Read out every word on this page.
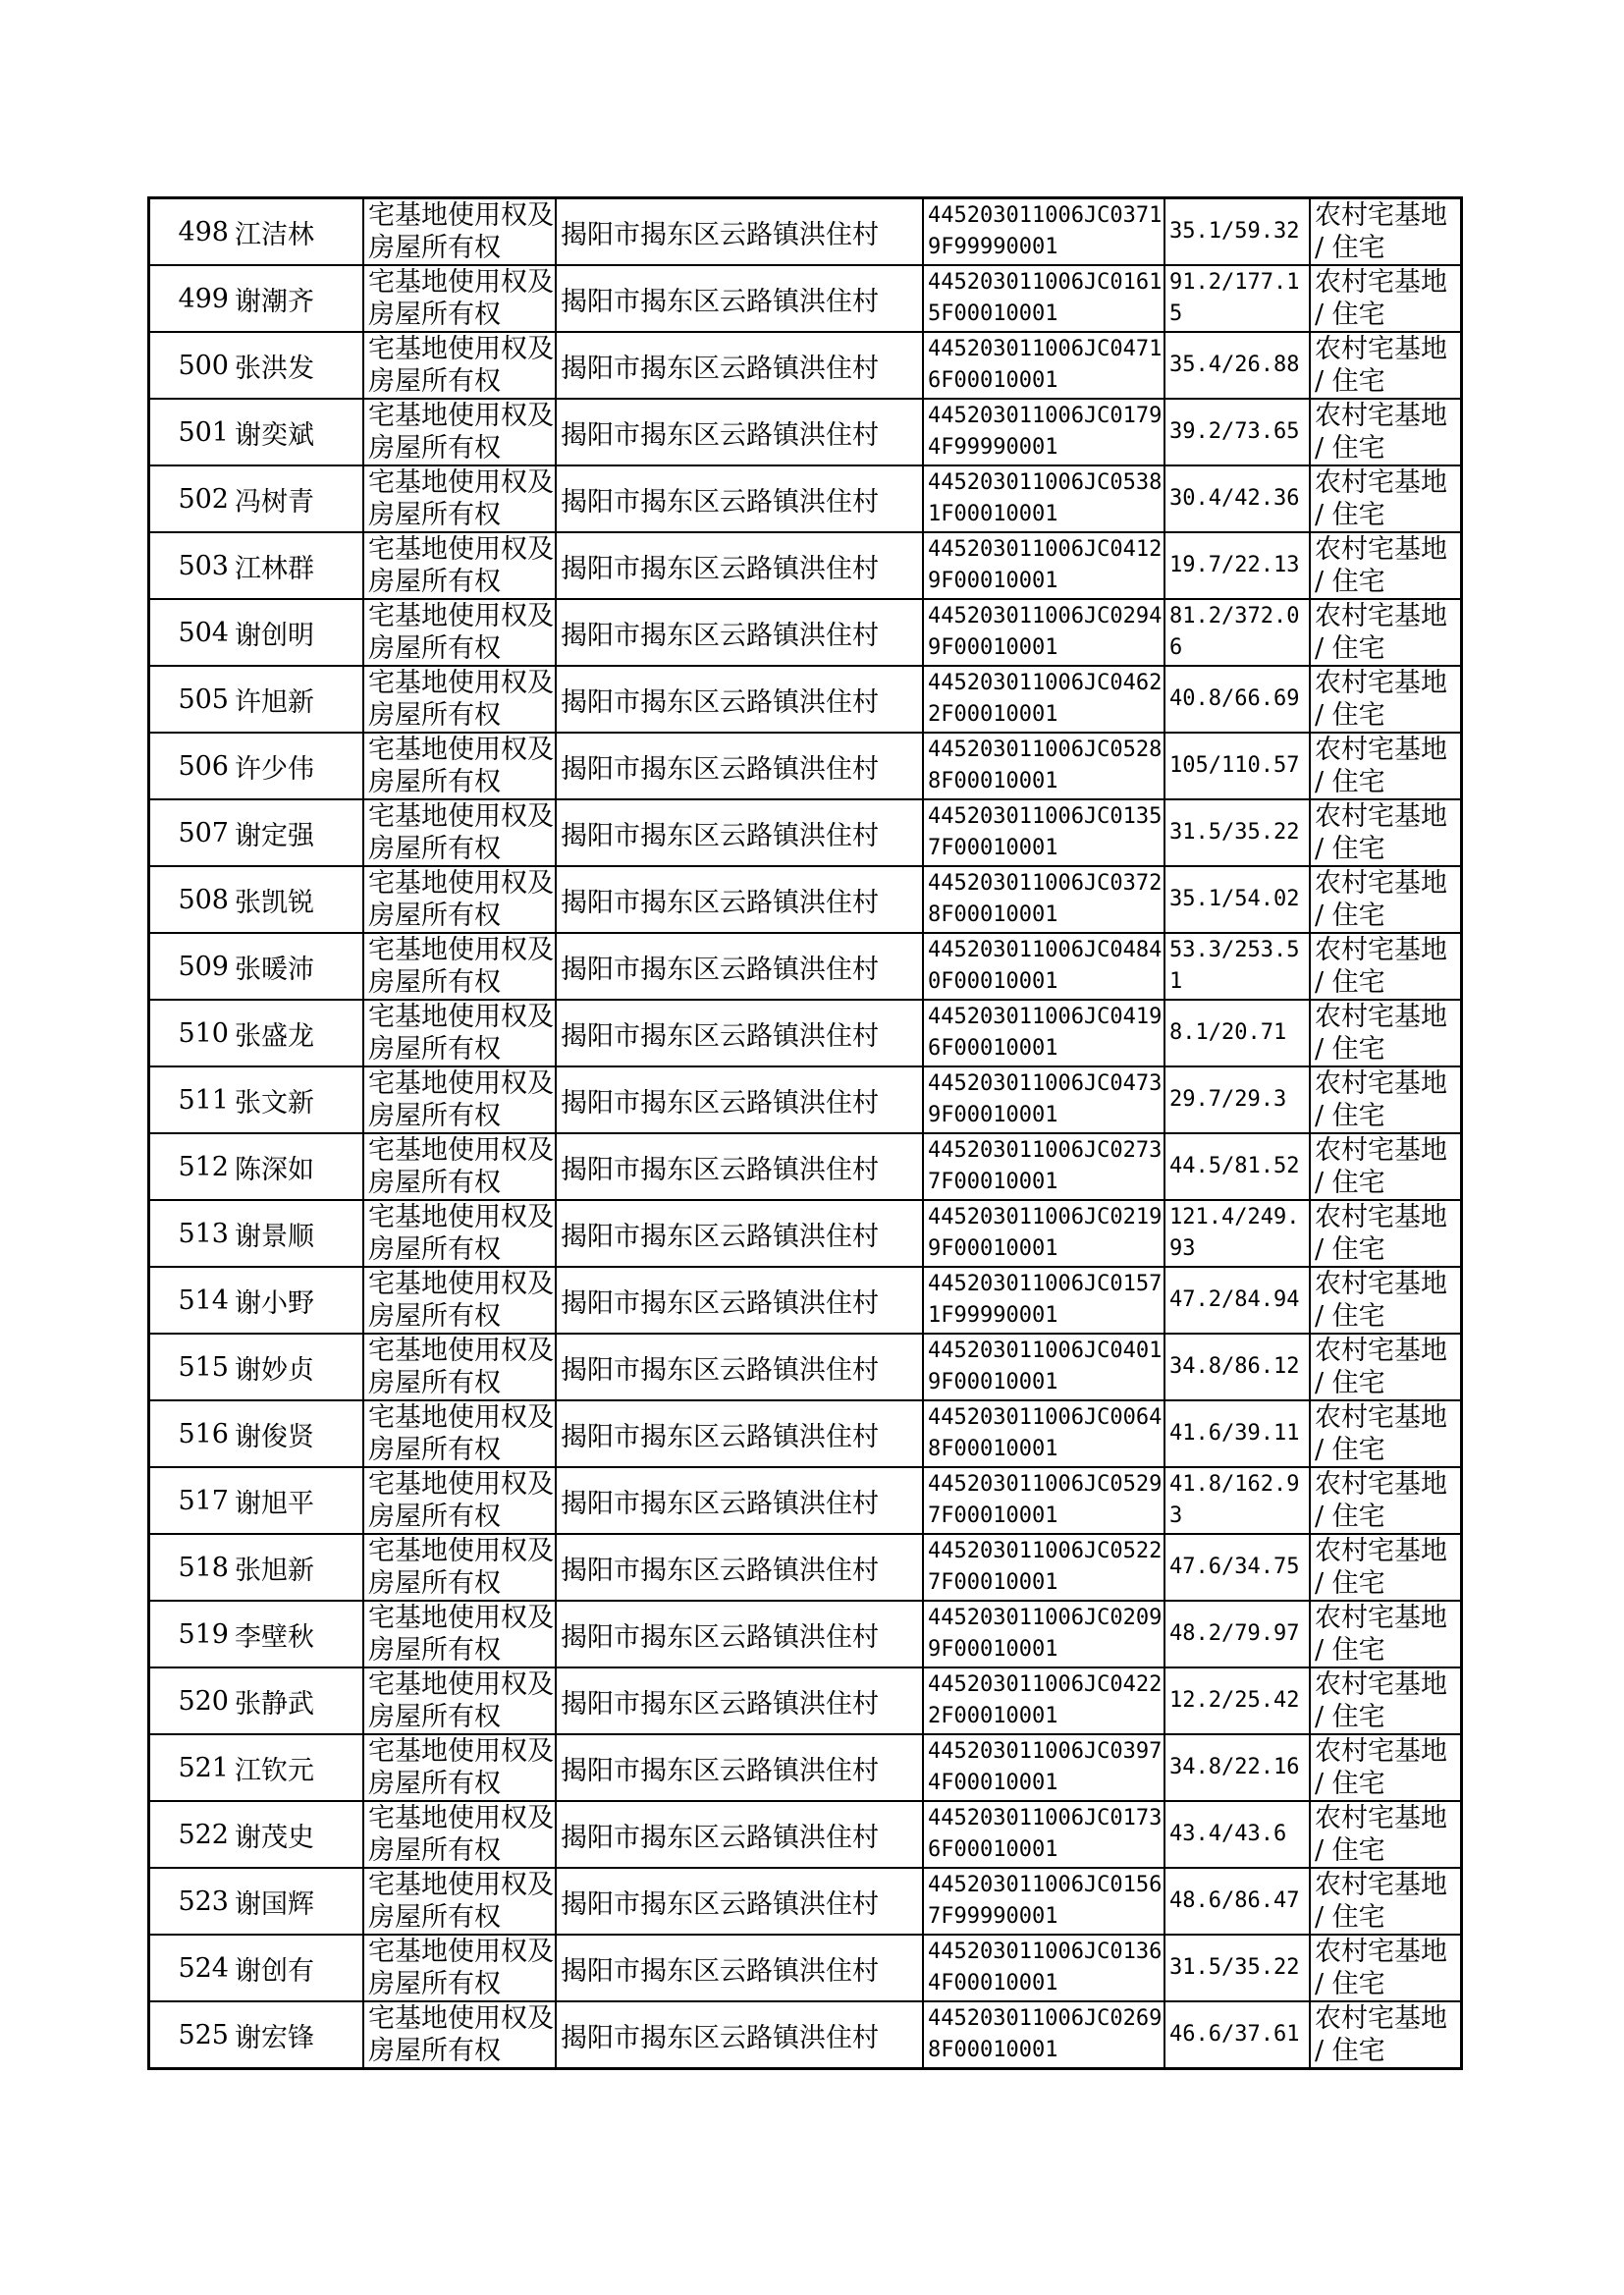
498	江洁林	宅基地使用权及房屋所有权	揭阳市揭东区云路镇洪住村	445203011006JC03719F99990001	35.1/59.32	农村宅基地 / 住宅

499	谢潮齐	宅基地使用权及房屋所有权	揭阳市揭东区云路镇洪住村	445203011006JC01615F00010001	91.2/177.15	农村宅基地 / 住宅

500	张洪发	宅基地使用权及房屋所有权	揭阳市揭东区云路镇洪住村	445203011006JC04716F00010001	35.4/26.88	农村宅基地 / 住宅

501	谢奕斌	宅基地使用权及房屋所有权	揭阳市揭东区云路镇洪住村	445203011006JC01794F99990001	39.2/73.65	农村宅基地 / 住宅

502	冯树青	宅基地使用权及房屋所有权	揭阳市揭东区云路镇洪住村	445203011006JC05381F00010001	30.4/42.36	农村宅基地 / 住宅

503	江林群	宅基地使用权及房屋所有权	揭阳市揭东区云路镇洪住村	445203011006JC04129F00010001	19.7/22.13	农村宅基地 / 住宅

504	谢创明	宅基地使用权及房屋所有权	揭阳市揭东区云路镇洪住村	445203011006JC02949F00010001	81.2/372.06	农村宅基地 / 住宅

505	许旭新	宅基地使用权及房屋所有权	揭阳市揭东区云路镇洪住村	445203011006JC04622F00010001	40.8/66.69	农村宅基地 / 住宅

506	许少伟	宅基地使用权及房屋所有权	揭阳市揭东区云路镇洪住村	445203011006JC05288F00010001	105/110.57	农村宅基地 / 住宅

507	谢定强	宅基地使用权及房屋所有权	揭阳市揭东区云路镇洪住村	445203011006JC01357F00010001	31.5/35.22	农村宅基地 / 住宅

508	张凯锐	宅基地使用权及房屋所有权	揭阳市揭东区云路镇洪住村	445203011006JC03728F00010001	35.1/54.02	农村宅基地 / 住宅

509	张暖沛	宅基地使用权及房屋所有权	揭阳市揭东区云路镇洪住村	445203011006JC04840F00010001	53.3/253.51	农村宅基地 / 住宅

510	张盛龙	宅基地使用权及房屋所有权	揭阳市揭东区云路镇洪住村	445203011006JC04196F00010001	8.1/20.71	农村宅基地 / 住宅

511	张文新	宅基地使用权及房屋所有权	揭阳市揭东区云路镇洪住村	445203011006JC04739F00010001	29.7/29.3	农村宅基地 / 住宅

512	陈深如	宅基地使用权及房屋所有权	揭阳市揭东区云路镇洪住村	445203011006JC02737F00010001	44.5/81.52	农村宅基地 / 住宅

513	谢景顺	宅基地使用权及房屋所有权	揭阳市揭东区云路镇洪住村	445203011006JC02199F00010001	121.4/249.93	农村宅基地 / 住宅

514	谢小野	宅基地使用权及房屋所有权	揭阳市揭东区云路镇洪住村	445203011006JC01571F99990001	47.2/84.94	农村宅基地 / 住宅

515	谢妙贞	宅基地使用权及房屋所有权	揭阳市揭东区云路镇洪住村	445203011006JC04019F00010001	34.8/86.12	农村宅基地 / 住宅

516	谢俊贤	宅基地使用权及房屋所有权	揭阳市揭东区云路镇洪住村	445203011006JC00648F00010001	41.6/39.11	农村宅基地 / 住宅

517	谢旭平	宅基地使用权及房屋所有权	揭阳市揭东区云路镇洪住村	445203011006JC05297F00010001	41.8/162.93	农村宅基地 / 住宅

518	张旭新	宅基地使用权及房屋所有权	揭阳市揭东区云路镇洪住村	445203011006JC05227F00010001	47.6/34.75	农村宅基地 / 住宅

519	李壁秋	宅基地使用权及房屋所有权	揭阳市揭东区云路镇洪住村	445203011006JC02099F00010001	48.2/79.97	农村宅基地 / 住宅

520	张静武	宅基地使用权及房屋所有权	揭阳市揭东区云路镇洪住村	445203011006JC04222F00010001	12.2/25.42	农村宅基地 / 住宅

521	江钦元	宅基地使用权及房屋所有权	揭阳市揭东区云路镇洪住村	445203011006JC03974F00010001	34.8/22.16	农村宅基地 / 住宅

522	谢茂史	宅基地使用权及房屋所有权	揭阳市揭东区云路镇洪住村	445203011006JC01736F00010001	43.4/43.6	农村宅基地 / 住宅

523	谢国辉	宅基地使用权及房屋所有权	揭阳市揭东区云路镇洪住村	445203011006JC01567F99990001	48.6/86.47	农村宅基地 / 住宅

524	谢创有	宅基地使用权及房屋所有权	揭阳市揭东区云路镇洪住村	445203011006JC01364F00010001	31.5/35.22	农村宅基地 / 住宅

525	谢宏锋	宅基地使用权及房屋所有权	揭阳市揭东区云路镇洪住村	445203011006JC02698F00010001	46.6/37.61	农村宅基地 / 住宅
